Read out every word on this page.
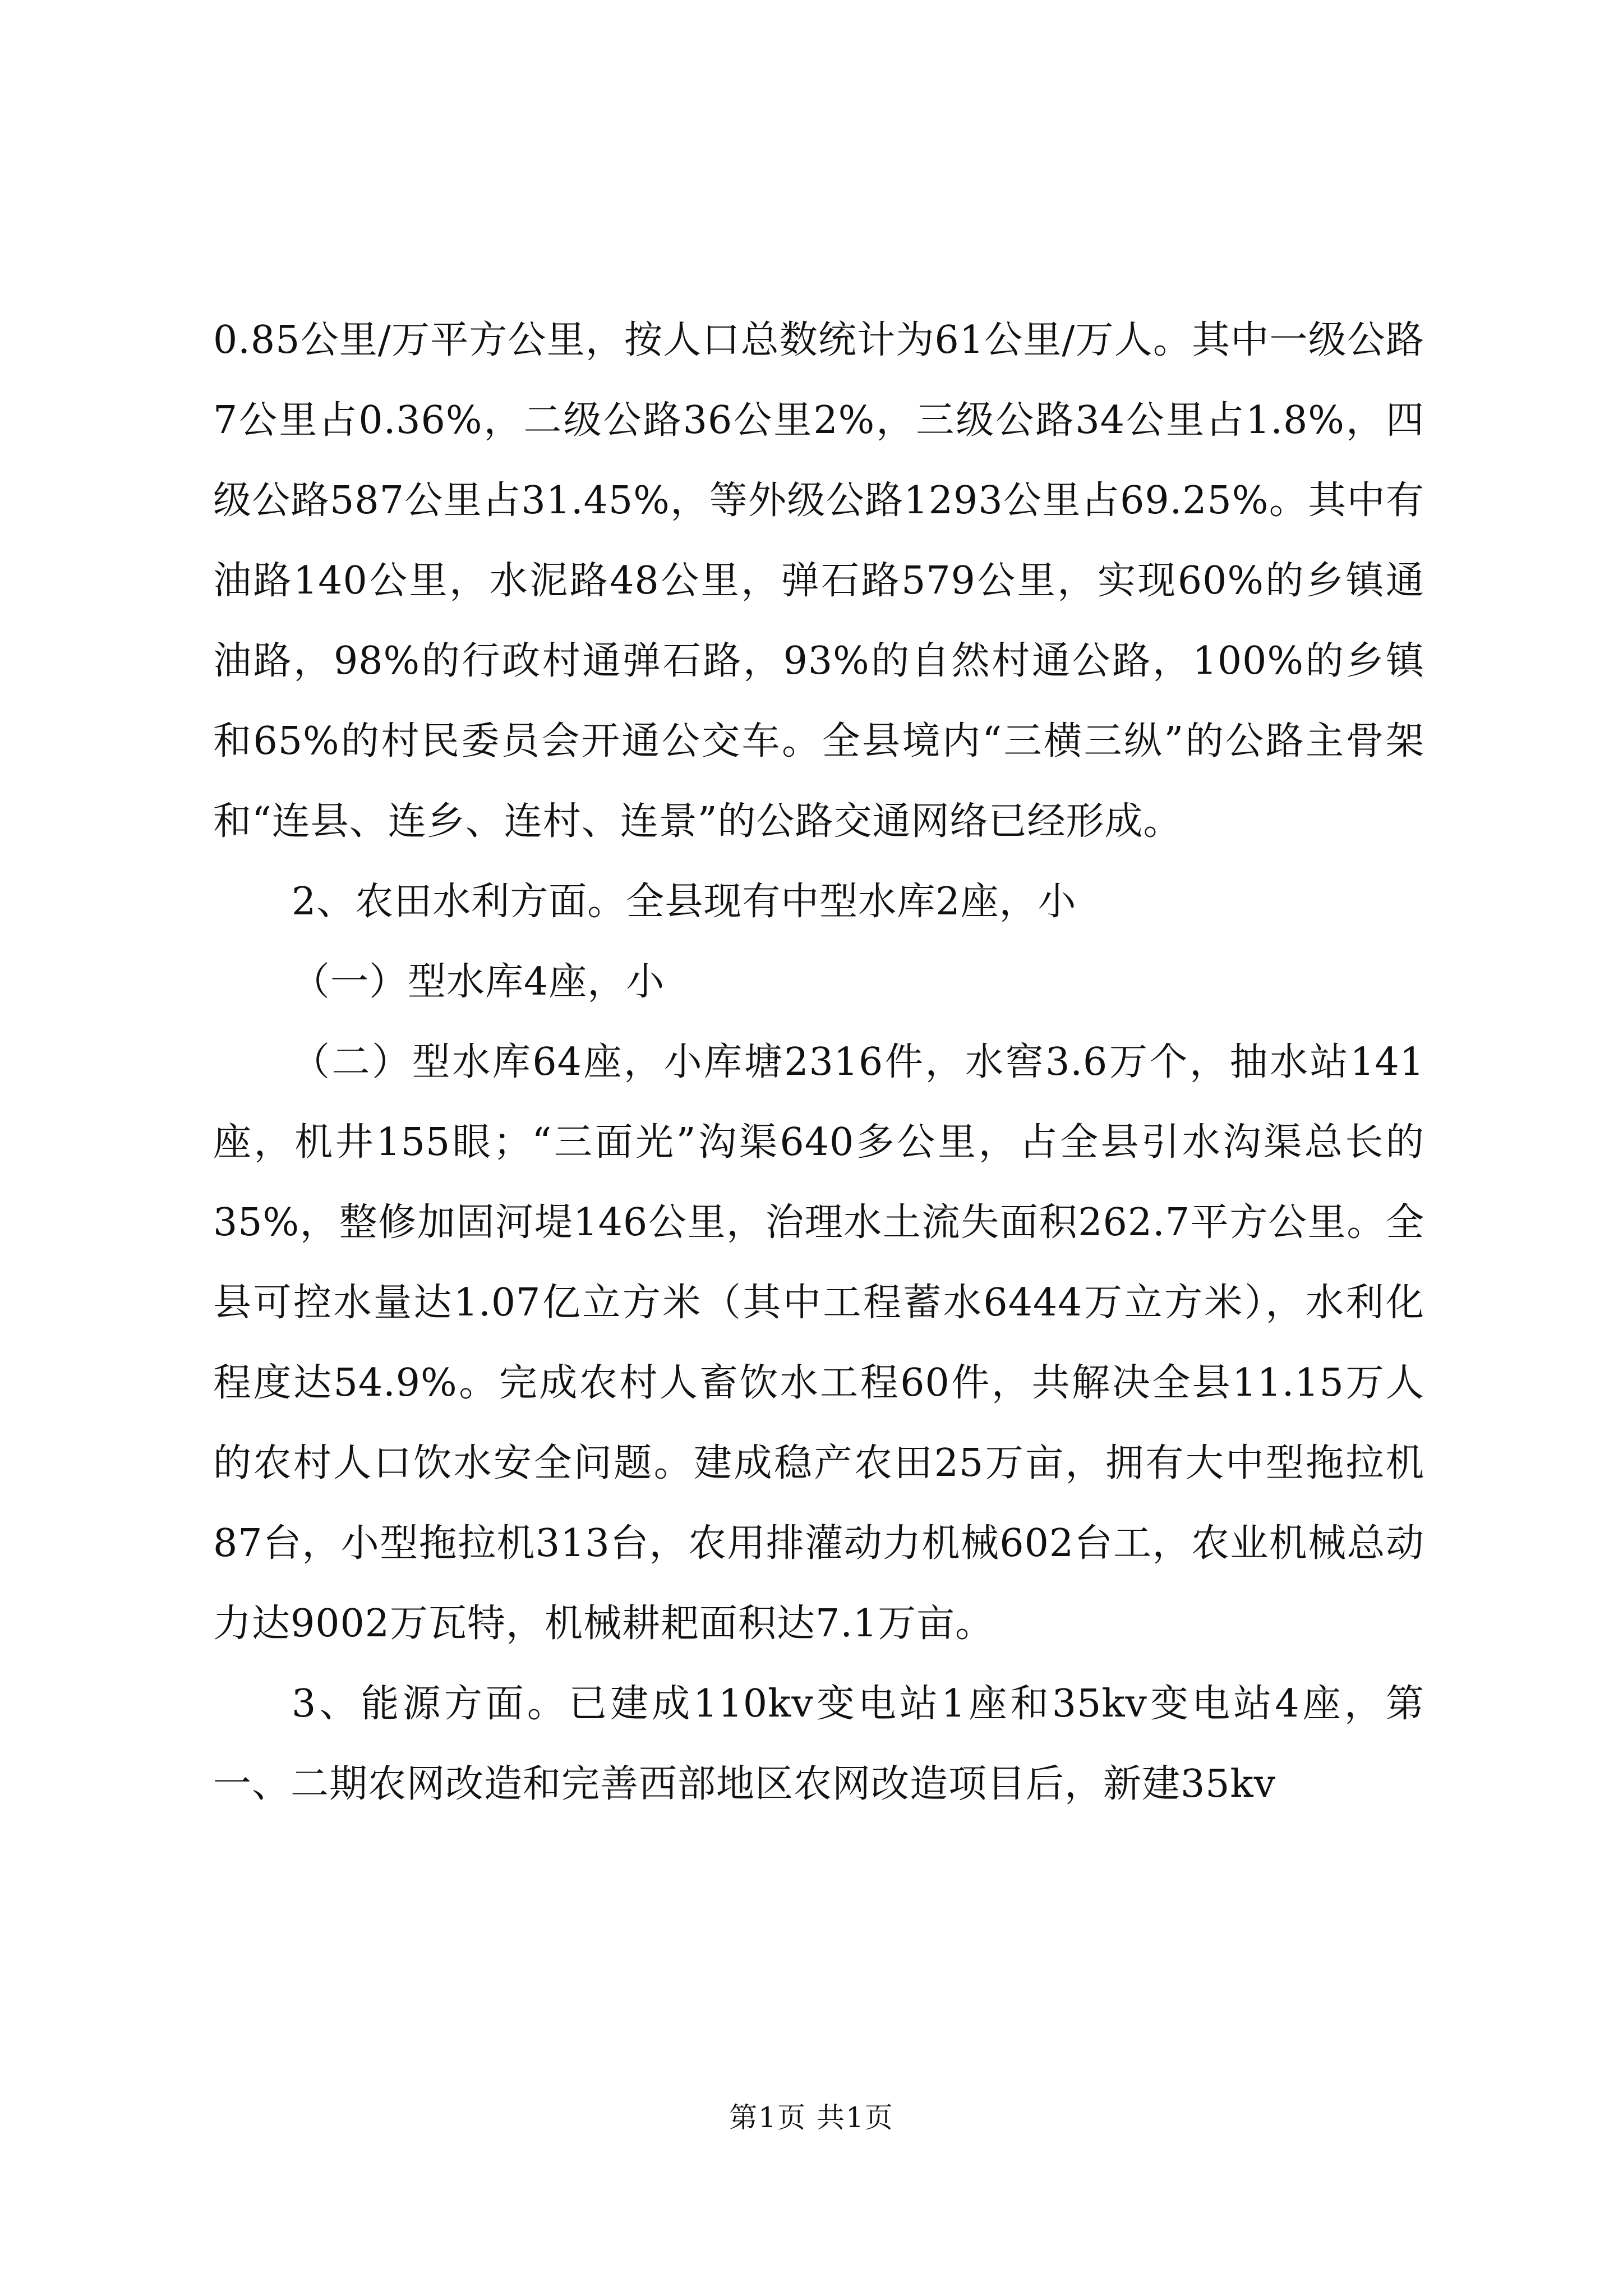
0.85公里/万平方公里，按人口总数统计为61公里/万人。其中一级公路7公里占0.36%，二级公路36公里2%，三级公路34公里占1.8%，四级公路587公里占31.45%，等外级公路1293公里占69.25%。其中有油路140公里，水泥路48公里，弹石路579公里，实现60%的乡镇通油路，98%的行政村通弹石路，93%的自然村通公路，100%的乡镇和65%的村民委员会开通公交车。全县境内“三横三纵”的公路主骨架和“连县、连乡、连村、连景”的公路交通网络已经形成。

2、农田水利方面。全县现有中型水库2座，小

（一）型水库4座，小

（二）型水库64座，小库塘2316件，水窖3.6万个，抽水站141座，机井155眼；“三面光”沟渠640多公里，占全县引水沟渠总长的35%，整修加固河堤146公里，治理水土流失面积262.7平方公里。全县可控水量达1.07亿立方米（其中工程蓄水6444万立方米），水利化程度达54.9%。完成农村人畜饮水工程60件，共解决全县11.15万人的农村人口饮水安全问题。建成稳产农田25万亩，拥有大中型拖拉机87台，小型拖拉机313台，农用排灌动力机械602台工，农业机械总动力达9002万瓦特，机械耕耙面积达7.1万亩。

3、能源方面。已建成110kv变电站1座和35kv变电站4座，第一、二期农网改造和完善西部地区农网改造项目后，新建35kv

第1页 共1页
